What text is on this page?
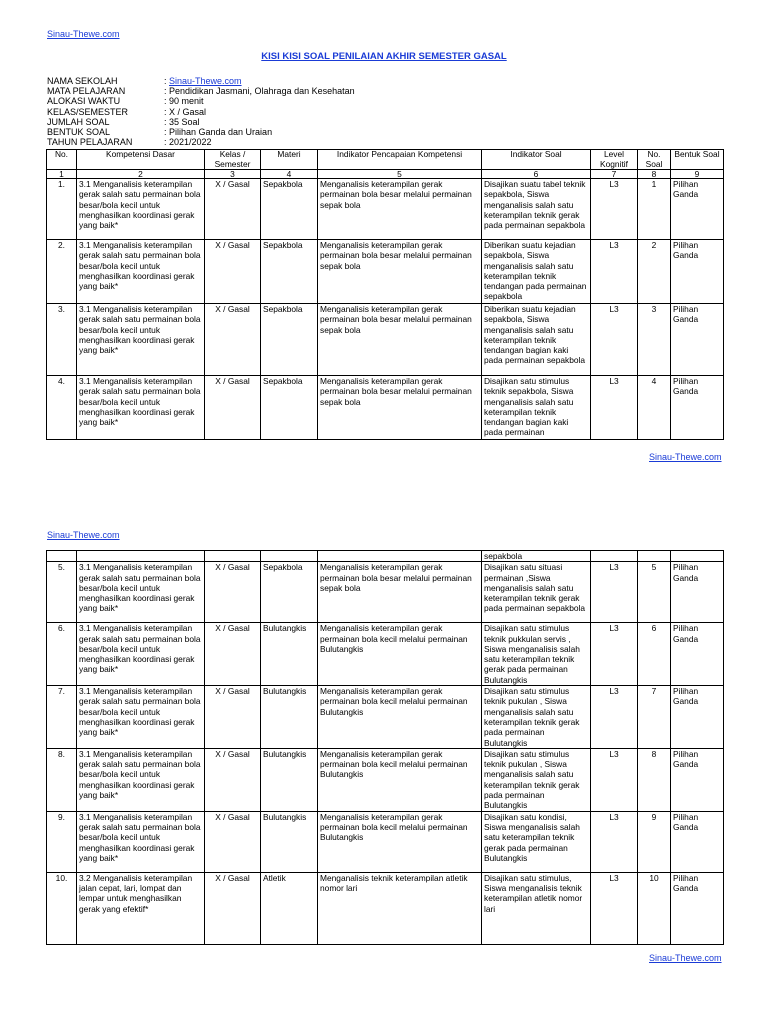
Sinau-Thewe.com
KISI KISI SOAL PENILAIAN AKHIR SEMESTER GASAL
NAMA SEKOLAH	: Sinau-Thewe.com
MATA PELAJARAN	: Pendidikan Jasmani, Olahraga dan Kesehatan
ALOKASI WAKTU	: 90 menit
KELAS/SEMESTER	: X / Gasal
JUMLAH SOAL	: 35 Soal
BENTUK SOAL	: Pilihan Ganda dan Uraian
TAHUN PELAJARAN	: 2021/2022
No.	Kompetensi Dasar	Kelas / Semester	Materi	Indikator Pencapaian Kompetensi	Indikator Soal	Level Kognitif	No. Soal	Bentuk Soal
1	2	3	4	5	6	7	8	9
1.	3.1 Menganalisis keterampilan gerak salah satu permainan bola besar/bola kecil untuk menghasilkan koordinasi gerak yang baik*	X / Gasal	Sepakbola	Menganalisis keterampilan gerak permainan bola besar melalui permainan sepak bola	Disajikan suatu tabel teknik sepakbola, Siswa menganalisis salah satu keterampilan teknik gerak pada permainan sepakbola	L3	1	Pilihan Ganda
2.	3.1 Menganalisis keterampilan gerak salah satu permainan bola besar/bola kecil untuk menghasilkan koordinasi gerak yang baik*	X / Gasal	Sepakbola	Menganalisis keterampilan gerak permainan bola besar melalui permainan sepak bola	Diberikan suatu kejadian sepakbola, Siswa menganalisis salah satu keterampilan teknik tendangan pada permainan sepakbola	L3	2	Pilihan Ganda
3.	3.1 Menganalisis keterampilan gerak salah satu permainan bola besar/bola kecil untuk menghasilkan koordinasi gerak yang baik*	X / Gasal	Sepakbola	Menganalisis keterampilan gerak permainan bola besar melalui permainan sepak bola	Diberikan suatu kejadian sepakbola, Siswa menganalisis salah satu keterampilan teknik tendangan bagian kaki pada permainan sepakbola	L3	3	Pilihan Ganda
4.	3.1 Menganalisis keterampilan gerak salah satu permainan bola besar/bola kecil untuk menghasilkan koordinasi gerak yang baik*	X / Gasal	Sepakbola	Menganalisis keterampilan gerak permainan bola besar melalui permainan sepak bola	Disajikan satu stimulus teknik sepakbola, Siswa menganalisis salah satu keterampilan teknik tendangan bagian kaki pada permainan	L3	4	Pilihan Ganda
Sinau-Thewe.com
Sinau-Thewe.com
					sepakbola			
5.	3.1 Menganalisis keterampilan gerak salah satu permainan bola besar/bola kecil untuk menghasilkan koordinasi gerak yang baik*	X / Gasal	Sepakbola	Menganalisis keterampilan gerak permainan bola besar melalui permainan sepak bola	Disajikan satu situasi permainan ,Siswa menganalisis salah satu keterampilan teknik gerak pada permainan sepakbola	L3	5	Pilihan Ganda
6.	3.1 Menganalisis keterampilan gerak salah satu permainan bola besar/bola kecil untuk menghasilkan koordinasi gerak yang baik*	X / Gasal	Bulutangkis	Menganalisis keterampilan gerak permainan bola kecil melalui permainan Bulutangkis	Disajikan satu stimulus teknik pukkulan servis , Siswa menganalisis salah satu keterampilan teknik gerak pada permainan Bulutangkis	L3	6	Pilihan Ganda
7.	3.1 Menganalisis keterampilan gerak salah satu permainan bola besar/bola kecil untuk menghasilkan koordinasi gerak yang baik*	X / Gasal	Bulutangkis	Menganalisis keterampilan gerak permainan bola kecil melalui permainan Bulutangkis	Disajikan satu stimulus teknik pukulan , Siswa menganalisis salah satu keterampilan teknik gerak pada permainan Bulutangkis	L3	7	Pilihan Ganda
8.	3.1 Menganalisis keterampilan gerak salah satu permainan bola besar/bola kecil untuk menghasilkan koordinasi gerak yang baik*	X / Gasal	Bulutangkis	Menganalisis keterampilan gerak permainan bola kecil melalui permainan Bulutangkis	Disajikan satu stimulus teknik pukulan , Siswa menganalisis salah satu keterampilan teknik gerak pada permainan Bulutangkis	L3	8	Pilihan Ganda
9.	3.1 Menganalisis keterampilan gerak salah satu permainan bola besar/bola kecil untuk menghasilkan koordinasi gerak yang baik*	X / Gasal	Bulutangkis	Menganalisis keterampilan gerak permainan bola kecil melalui permainan Bulutangkis	Disajikan satu kondisi, Siswa menganalisis salah satu keterampilan teknik gerak pada permainan Bulutangkis	L3	9	Pilihan Ganda
10.	3.2 Menganalisis keterampilan jalan cepat, lari, lompat dan lempar untuk menghasilkan gerak yang efektif*	X / Gasal	Atletik	Menganalisis teknik keterampilan atletik nomor lari	Disajikan satu stimulus, Siswa menganalisis teknik keterampilan atletik nomor lari	L3	10	Pilihan Ganda
Sinau-Thewe.com
